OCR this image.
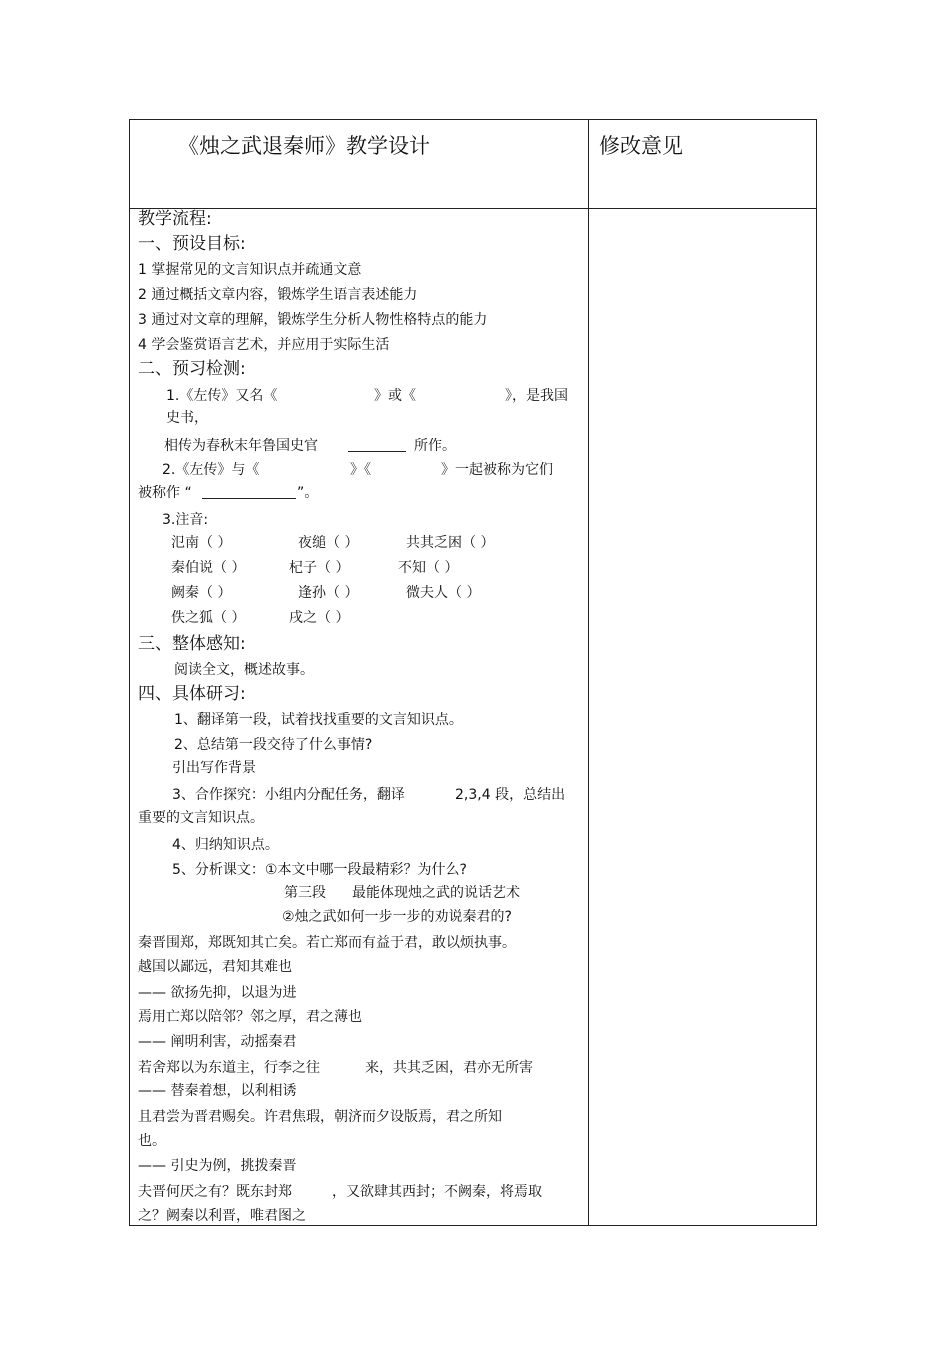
《烛之武退秦师》教学设计	修改意见
教学流程:
一、预设目标:
1 掌握常见的文言知识点并疏通文意
2 通过概括文章内容，锻炼学生语言表述能力
3 通过对文章的理解，锻炼学生分析人物性格特点的能力
4 学会鉴赏语言艺术，并应用于实际生活
二、预习检测:
1.《左传》又名《	》或《	》，是我国
史书，
相传为春秋末年鲁国史官	所作。
2.《左传》与《	》《	》一起被称为它们
被称作 “	”。
3.注音:
氾南（ ）	夜缒（ ）	共其乏困（ ）
秦伯说（ ）	杞子（ ）	不知（ ）
阙秦（ ）	逢孙（ ）	微夫人（ ）
佚之狐（ ）	戌之（ ）
三、整体感知:
阅读全文，概述故事。
四、具体研习:
1、翻译第一段，试着找找重要的文言知识点。
2、总结第一段交待了什么事情?
引出写作背景
3、合作探究：小组内分配任务，翻译	2,3,4 段，总结出
重要的文言知识点。
4、归纳知识点。
5、分析课文：①本文中哪一段最精彩？为什么?
第三段 最能体现烛之武的说话艺术
②烛之武如何一步一步的劝说秦君的?
秦晋围郑，郑既知其亡矣。若亡郑而有益于君，敢以烦执事。
越国以鄙远，君知其难也
—— 欲扬先抑，以退为进
焉用亡郑以陪邻？邻之厚，君之薄也
—— 阐明利害，动摇秦君
若舍郑以为东道主，行李之往	来，共其乏困，君亦无所害
—— 替秦着想，以利相诱
且君尝为晋君赐矣。许君焦瑕，朝济而夕设版焉，君之所知
也。
—— 引史为例，挑拨秦晋
夫晋何厌之有？既东封郑	，又欲肆其西封；不阙秦，将焉取
之？阙秦以利晋，唯君图之
